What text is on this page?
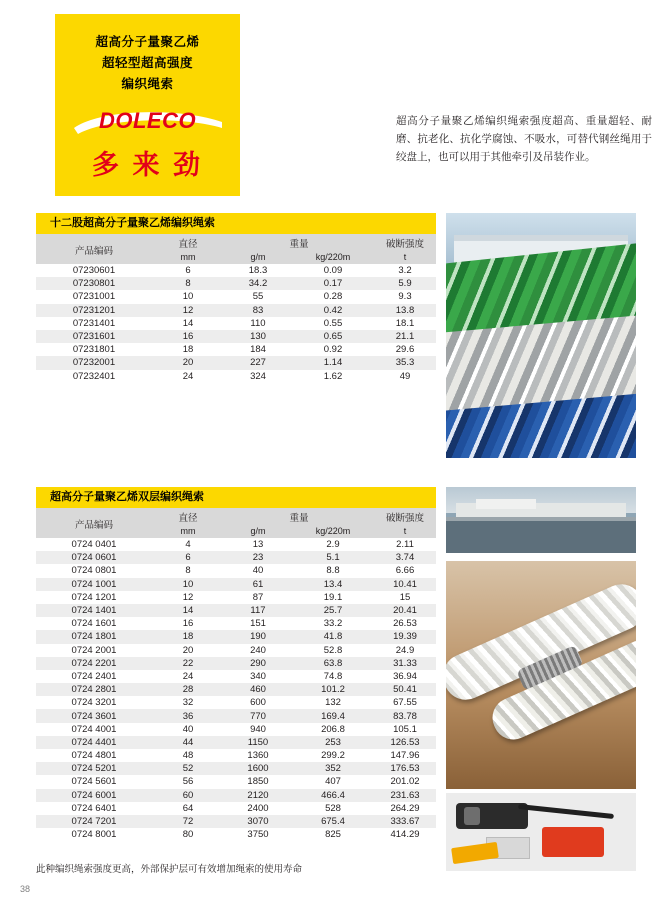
超高分子量聚乙烯
超轻型超高强度
编织绳索
DOLECO
多 来 劲
超高分子量聚乙烯编织绳索强度超高、重量超轻、耐磨、抗老化、抗化学腐蚀、不吸水，可替代钢丝绳用于绞盘上，也可以用于其他牵引及吊装作业。
十二股超高分子量聚乙烯编织绳索
产品编码	直径	重量		破断强度
	mm	g/m	kg/220m	t
07230601	6	18.3	0.09	3.2
07230801	8	34.2	0.17	5.9
07231001	10	55	0.28	9.3
07231201	12	83	0.42	13.8
07231401	14	110	0.55	18.1
07231601	16	130	0.65	21.1
07231801	18	184	0.92	29.6
07232001	20	227	1.14	35.3
07232401	24	324	1.62	49
超高分子量聚乙烯双层编织绳索
产品编码	直径	重量		破断强度
	mm	g/m	kg/220m	t
0724 0401	4	13	2.9	2.11
0724 0601	6	23	5.1	3.74
0724 0801	8	40	8.8	6.66
0724 1001	10	61	13.4	10.41
0724 1201	12	87	19.1	15
0724 1401	14	117	25.7	20.41
0724 1601	16	151	33.2	26.53
0724 1801	18	190	41.8	19.39
0724 2001	20	240	52.8	24.9
0724 2201	22	290	63.8	31.33
0724 2401	24	340	74.8	36.94
0724 2801	28	460	101.2	50.41
0724 3201	32	600	132	67.55
0724 3601	36	770	169.4	83.78
0724 4001	40	940	206.8	105.1
0724 4401	44	1150	253	126.53
0724 4801	48	1360	299.2	147.96
0724 5201	52	1600	352	176.53
0724 5601	56	1850	407	201.02
0724 6001	60	2120	466.4	231.63
0724 6401	64	2400	528	264.29
0724 7201	72	3070	675.4	333.67
0724 8001	80	3750	825	414.29
此种编织绳索强度更高，外部保护层可有效增加绳索的使用寿命
38
